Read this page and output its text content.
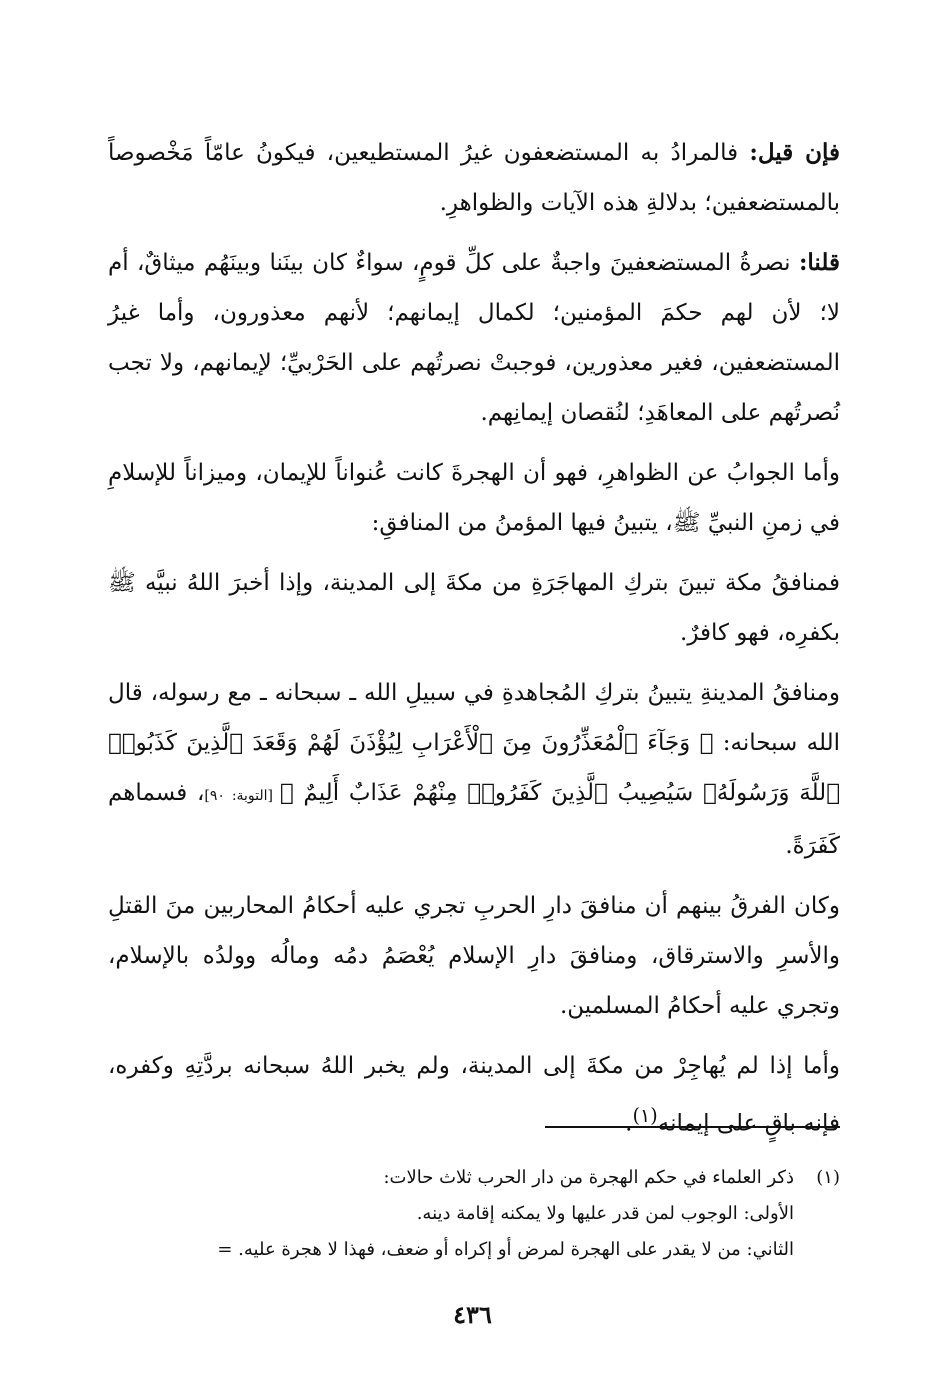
فإن قيل: فالمرادُ به المستضعفون غيرُ المستطيعين، فيكونُ عامّاً مَخْصوصاً بالمستضعفين؛ بدلالةِ هذه الآيات والظواهرِ.

قلنا: نصرةُ المستضعفينَ واجبةٌ على كلِّ قومٍ، سواءٌ كان بينَنا وبينَهُم ميثاقٌ، أم لا؛ لأن لهم حكمَ المؤمنين؛ لكمال إيمانهم؛ لأنهم معذورون، وأما غيرُ المستضعفين، فغير معذورين، فوجبتْ نصرتُهم على الحَرْبيِّ؛ لإيمانهم، ولا تجب نُصرتُهم على المعاهَدِ؛ لنُقصان إيمانِهم.

وأما الجوابُ عن الظواهرِ، فهو أن الهجرةَ كانت عُنواناً للإيمان، وميزاناً للإسلامِ في زمنِ النبيِّ ﷺ، يتبينُ فيها المؤمنُ من المنافقِ:

فمنافقُ مكة تبينَ بتركِ المهاجَرَةِ من مكةَ إلى المدينة، وإذا أخبرَ اللهُ نبيَّه ﷺ بكفرِه، فهو كافرٌ.

ومنافقُ المدينةِ يتبينُ بتركِ المُجاهدةِ في سبيلِ الله ـ سبحانه ـ مع رسوله، قال الله سبحانه: ﴿ وَجَآءَ ٱلْمُعَذِّرُونَ مِنَ ٱلْأَعْرَابِ لِيُؤْذَنَ لَهُمْ وَقَعَدَ ٱلَّذِينَ كَذَبُوا۟ ٱللَّهَ وَرَسُولَهُۥ سَيُصِيبُ ٱلَّذِينَ كَفَرُوا۟ مِنْهُمْ عَذَابٌ أَلِيمٌ ﴾ [التوبة: ٩٠]، فسماهم كَفَرَةً.

وكان الفرقُ بينهم أن منافقَ دارِ الحربِ تجري عليه أحكامُ المحاربين منَ القتلِ والأسرِ والاسترقاق، ومنافقَ دارِ الإسلام يُعْصَمُ دمُه ومالُه وولدُه بالإسلام، وتجري عليه أحكامُ المسلمين.

وأما إذا لم يُهاجِرْ من مكةَ إلى المدينة، ولم يخبر اللهُ سبحانه بردَّتِهِ وكفره، فإنه باقٍ على إيمانه$^{(١)}$.

(١)
ذكر العلماء في حكم الهجرة من دار الحرب ثلاث حالات:
الأولى: الوجوب لمن قدر عليها ولا يمكنه إقامة دينه.
الثاني: من لا يقدر على الهجرة لمرض أو إكراه أو ضعف، فهذا لا هجرة عليه. =
٤٣٦
